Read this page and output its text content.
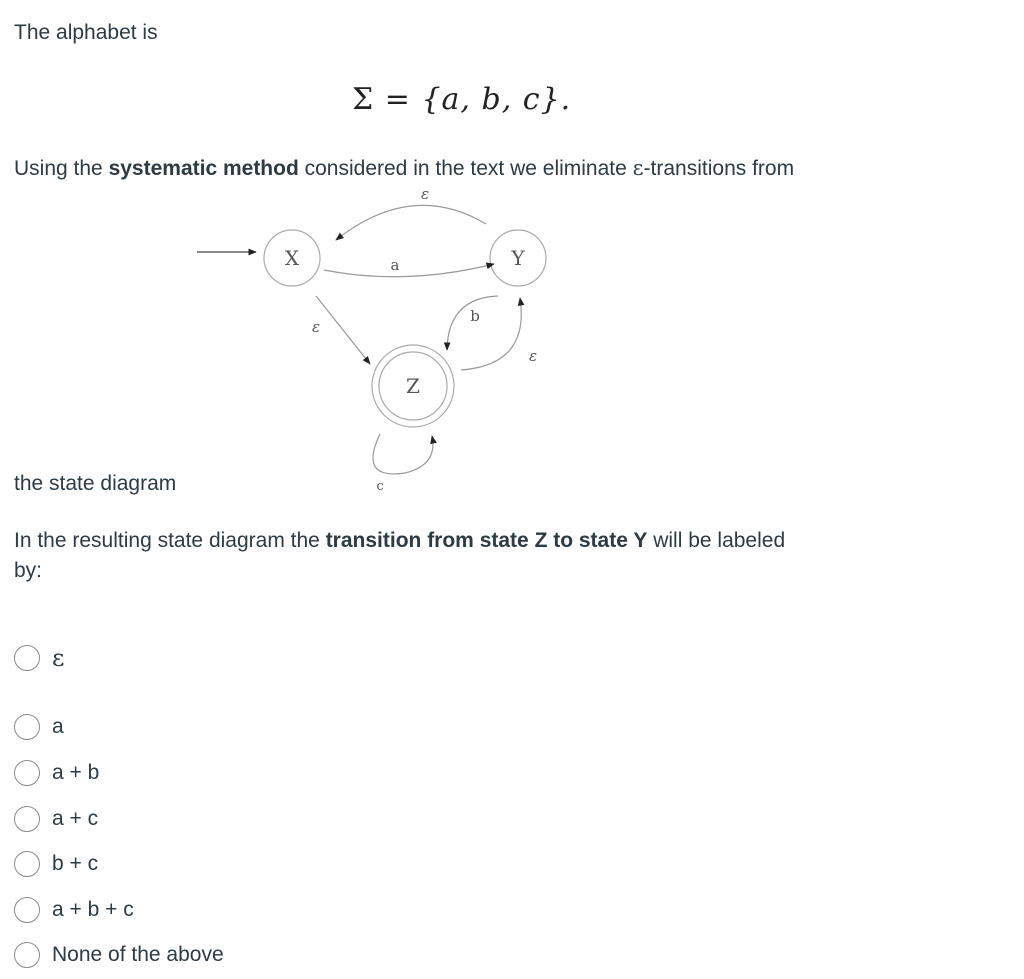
The alphabet is
Σ = {a, b, c}.
Using the systematic method considered in the text we eliminate ε-transitions from
X	Y
Z
ε
a
ε
b
ε
c
the state diagram
In the resulting state diagram the transition from state Z to state Y will be labeled
by:
ε
a
a + b
a + c
b + c
a + b + c
None of the above
